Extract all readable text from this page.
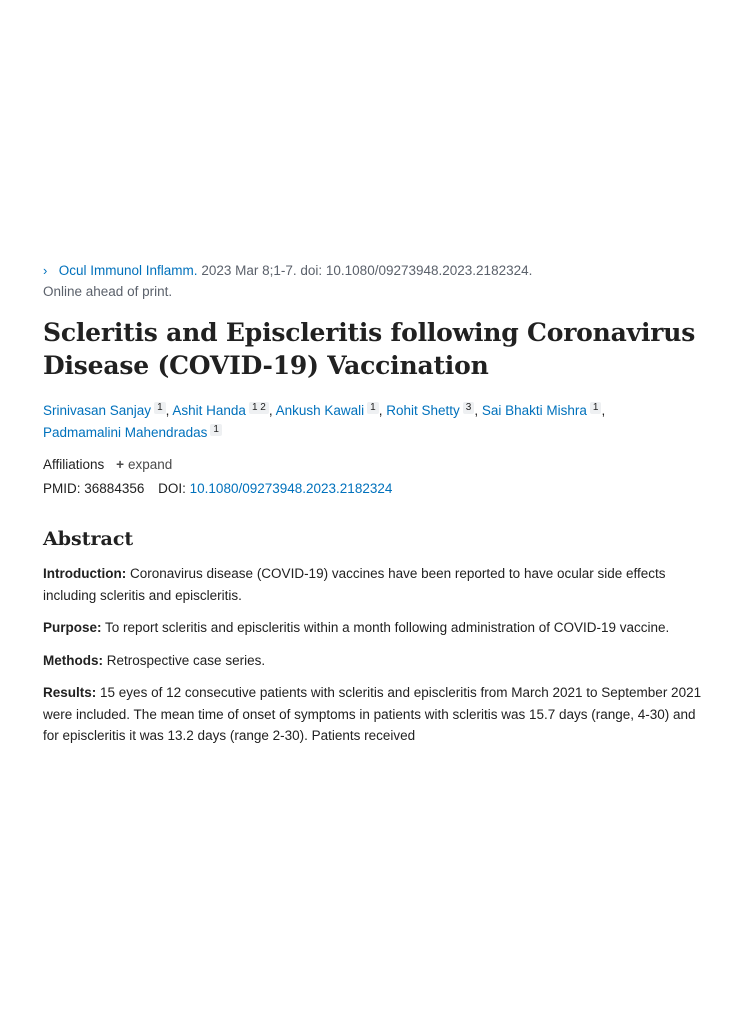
› Ocul Immunol Inflamm. 2023 Mar 8;1-7. doi: 10.1080/09273948.2023.2182324.
Online ahead of print.
Scleritis and Episcleritis following Coronavirus
Disease (COVID-19) Vaccination
Srinivasan Sanjay 1 , Ashit Handa 1 2 , Ankush Kawali 1 , Rohit Shetty 3 , Sai Bhakti Mishra 1 ,
Padmamalini Mahendradas 1
Affiliations + expand
PMID: 36884356 DOI: 10.1080/09273948.2023.2182324
Abstract
Introduction: Coronavirus disease (COVID-19) vaccines have been reported to have ocular side effects including scleritis and episcleritis.
Purpose: To report scleritis and episcleritis within a month following administration of COVID-19 vaccine.
Methods: Retrospective case series.
Results: 15 eyes of 12 consecutive patients with scleritis and episcleritis from March 2021 to September 2021 were included. The mean time of onset of symptoms in patients with scleritis was 15.7 days (range, 4-30) and for episcleritis it was 13.2 days (range 2-30). Patients received
